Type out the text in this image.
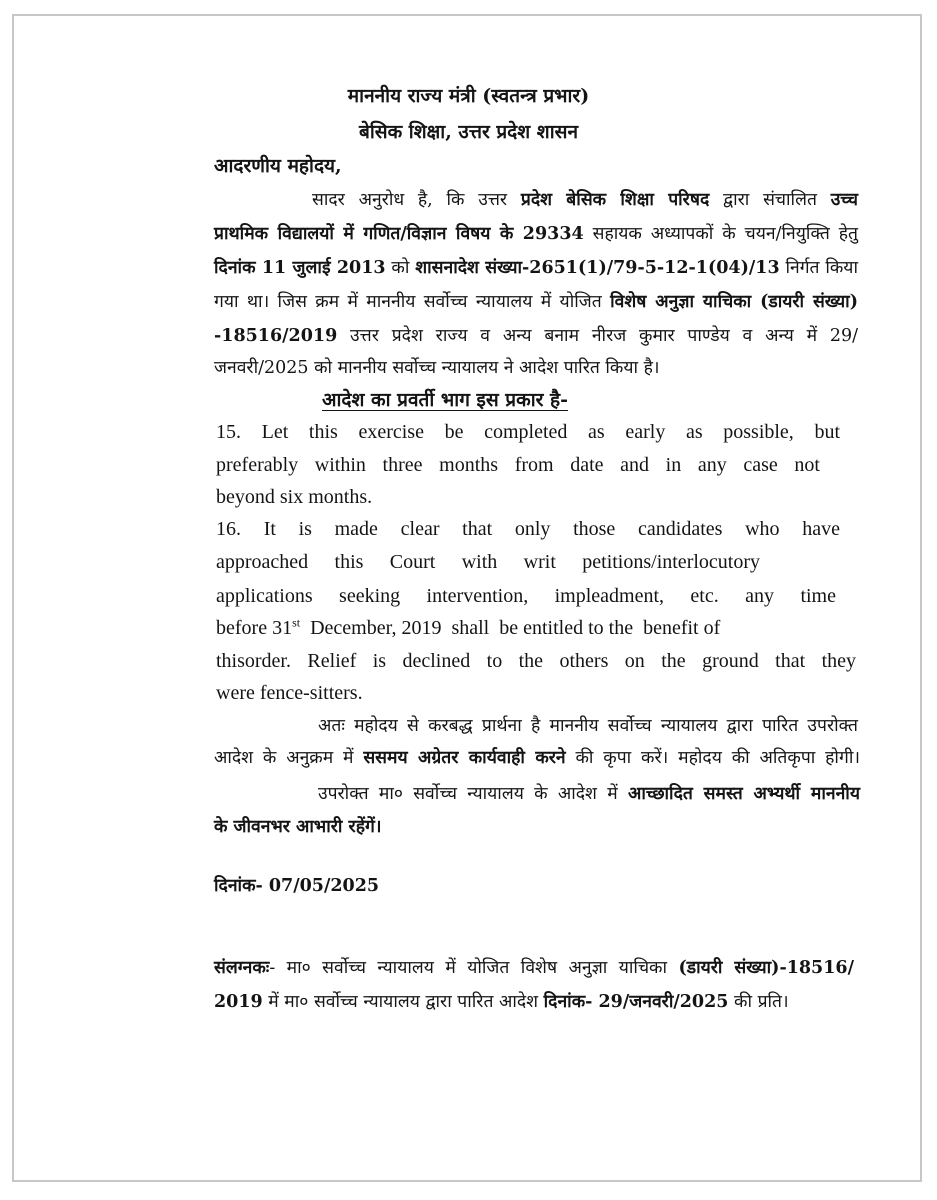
माननीय राज्य मंत्री (स्वतन्त्र प्रभार)
बेसिक शिक्षा, उत्तर प्रदेश शासन
आदरणीय महोदय,
सादर अनुरोध है, कि उत्तर प्रदेश बेसिक शिक्षा परिषद द्वारा संचालित उच्च
प्राथमिक विद्यालयों में गणित/विज्ञान विषय के 29334 सहायक अध्यापकों के चयन/नियुक्ति हेतु
दिनांक 11 जुलाई 2013 को शासनादेश संख्या-2651(1)/79-5-12-1(04)/13 निर्गत किया
गया था। जिस क्रम में माननीय सर्वोच्च न्यायालय में योजित विशेष अनुज्ञा याचिका (डायरी संख्या)
-18516/2019 उत्तर प्रदेश राज्य व अन्य बनाम नीरज कुमार पाण्डेय व अन्य में 29/
जनवरी/2025 को माननीय सर्वोच्च न्यायालय ने आदेश पारित किया है।
आदेश का प्रवर्ती भाग इस प्रकार है-
15. Let this exercise be completed as early as possible, but
preferably within three months from date and in any case not
beyond six months.
16. It is made clear that only those candidates who have
approached this Court with writ petitions/interlocutory
applications seeking intervention, impleadment, etc. any time
before 31st  December, 2019  shall  be entitled to the  benefit of
thisorder. Relief is declined to the others on the ground that they
were fence-sitters.
अतः महोदय से करबद्ध प्रार्थना है माननीय सर्वोच्च न्यायालय द्वारा पारित उपरोक्त
आदेश के अनुक्रम में ससमय अग्रेतर कार्यवाही करने की कृपा करें। महोदय की अतिकृपा होगी।
उपरोक्त मा० सर्वोच्च न्यायालय के आदेश में आच्छादित समस्त अभ्यर्थी माननीय
के जीवनभर आभारी रहेंगें।
दिनांक- 07/05/2025
संलग्नकः- मा० सर्वोच्च न्यायालय में योजित विशेष अनुज्ञा याचिका (डायरी संख्या)-18516/
2019 में मा० सर्वोच्च न्यायालय द्वारा पारित आदेश दिनांक- 29/जनवरी/2025 की प्रति।
